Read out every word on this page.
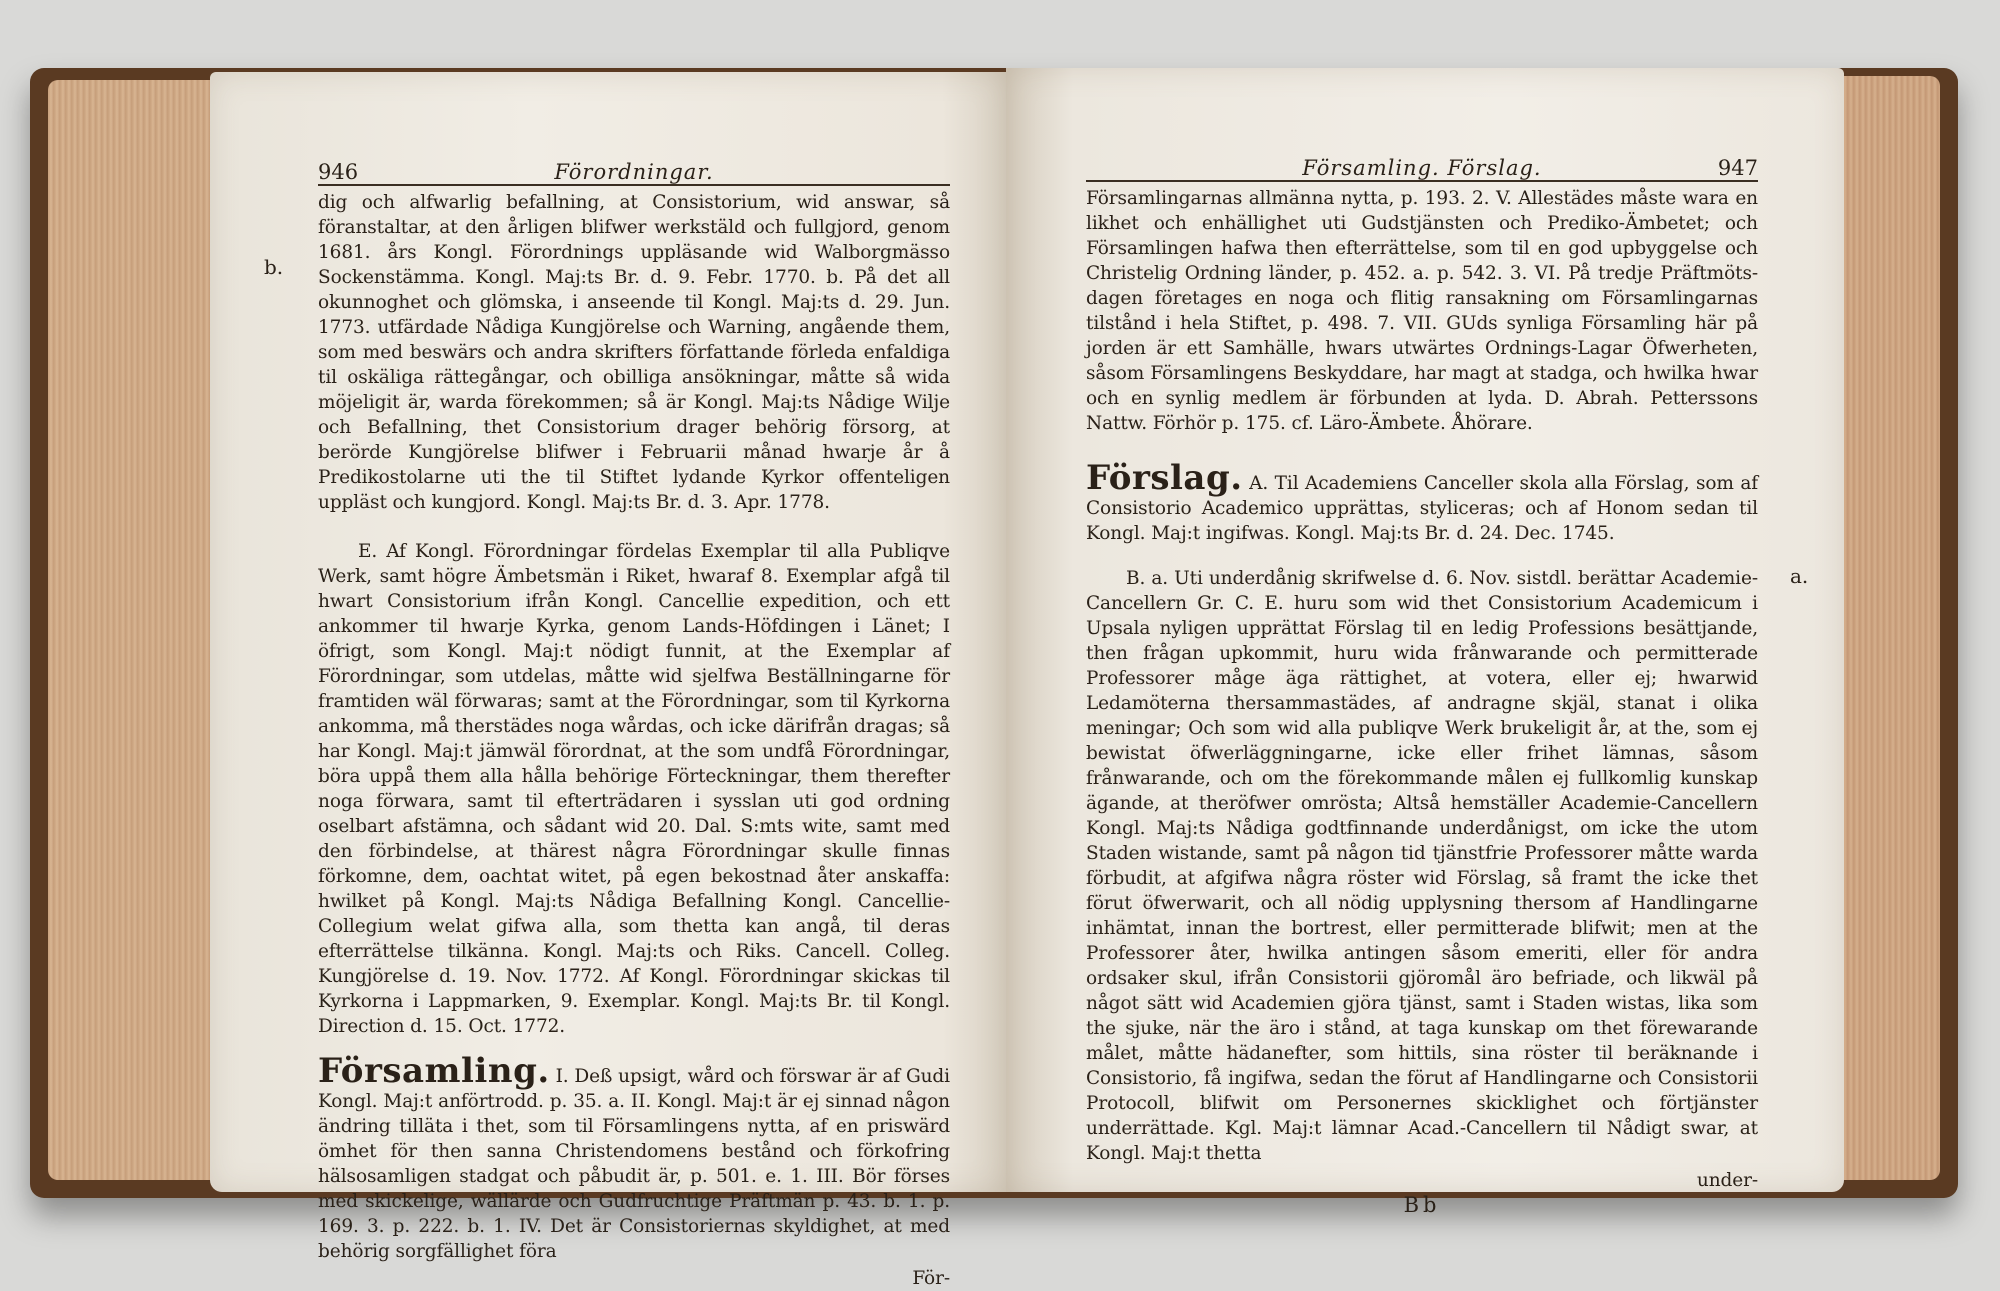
946	Förordningar.
b.

dig och alfwarlig befallning, at Consistorium, wid answar, så föranstaltar, at den årligen blifwer werkstäld och fullgjord, genom 1681. års Kongl. Förordnings uppläsande wid Walborgmässo Sockenstämma. Kongl. Maj:ts Br. d. 9. Febr. 1770. b. På det all okunnoghet och glömska, i anseende til Kongl. Maj:ts d. 29. Jun. 1773. utfärdade Nådiga Kungjörelse och Warning, angående them, som med beswärs och andra skrifters författande förleda enfaldiga til oskäliga rättegångar, och obilliga ansökningar, måtte så wida möjeligit är, warda förekommen; så är Kongl. Maj:ts Nådige Wilje och Befallning, thet Consistorium drager behörig försorg, at berörde Kungjörelse blifwer i Februarii månad hwarje år å Predikostolarne uti the til Stiftet lydande Kyrkor offenteligen uppläst och kungjord. Kongl. Maj:ts Br. d. 3. Apr. 1778.

E. Af Kongl. Förordningar fördelas Exemplar til alla Publiqve Werk, samt högre Ämbetsmän i Riket, hwaraf 8. Exemplar afgå til hwart Consistorium ifrån Kongl. Cancellie expedition, och ett ankommer til hwarje Kyrka, genom Lands-Höfdingen i Länet; I öfrigt, som Kongl. Maj:t nödigt funnit, at the Exemplar af Förordningar, som utdelas, måtte wid sjelfwa Beställningarne för framtiden wäl förwaras; samt at the Förordningar, som til Kyrkorna ankomma, må therstädes noga wårdas, och icke därifrån dragas; så har Kongl. Maj:t jämwäl förordnat, at the som undfå Förordningar, böra uppå them alla hålla behörige Förteckningar, them therefter noga förwara, samt til efterträdaren i sysslan uti god ordning oselbart afstämna, och sådant wid 20. Dal. S:mts wite, samt med den förbindelse, at thärest några Förordningar skulle finnas förkomne, dem, oachtat witet, på egen bekostnad åter anskaffa: hwilket på Kongl. Maj:ts Nådiga Befallning Kongl. Cancellie-Collegium welat gifwa alla, som thetta kan angå, til deras efterrättelse tilkänna. Kongl. Maj:ts och Riks. Cancell. Colleg. Kungjörelse d. 19. Nov. 1772. Af Kongl. Förordningar skickas til Kyrkorna i Lappmarken, 9. Exemplar. Kongl. Maj:ts Br. til Kongl. Direction d. 15. Oct. 1772.

Församling. I. Deß upsigt, wård och förswar är af Gudi Kongl. Maj:t anförtrodd. p. 35. a. II. Kongl. Maj:t är ej sinnad någon ändring tilläta i thet, som til Församlingens nytta, af en priswärd ömhet för then sanna Christendomens bestånd och förkofring hälsosamligen stadgat och påbudit är, p. 501. e. 1. III. Bör förses med skickelige, wällärde och Gudfruchtige Präftmän p. 43. b. 1. p. 169. 3. p. 222. b. 1. IV. Det är Consistoriernas skyldighet, at med behörig sorgfällighet föra

För-

Församling. Förslag.	947
a.

Församlingarnas allmänna nytta, p. 193. 2. V. Allestädes måste wara en likhet och enhällighet uti Gudstjänsten och Prediko-Ämbetet; och Församlingen hafwa then efterrättelse, som til en god upbyggelse och Christelig Ordning länder, p. 452. a. p. 542. 3. VI. På tredje Präftmöts-dagen företages en noga och flitig ransakning om Församlingarnas tilstånd i hela Stiftet, p. 498. 7. VII. GUds synliga Församling här på jorden är ett Samhälle, hwars utwärtes Ordnings-Lagar Öfwerheten, såsom Församlingens Beskyddare, har magt at stadga, och hwilka hwar och en synlig medlem är förbunden at lyda. D. Abrah. Petterssons Nattw. Förhör p. 175. cf. Läro-Ämbete. Åhörare.

Förslag. A. Til Academiens Canceller skola alla Förslag, som af Consistorio Academico upprättas, styliceras; och af Honom sedan til Kongl. Maj:t ingifwas. Kongl. Maj:ts Br. d. 24. Dec. 1745.

B. a. Uti underdånig skrifwelse d. 6. Nov. sistdl. berättar Academie-Cancellern Gr. C. E. huru som wid thet Consistorium Academicum i Upsala nyligen upprättat Förslag til en ledig Professions besättjande, then frågan upkommit, huru wida frånwarande och permitterade Professorer måge äga rättighet, at votera, eller ej; hwarwid Ledamöterna thersammastädes, af andragne skjäl, stanat i olika meningar; Och som wid alla publiqve Werk brukeligit år, at the, som ej bewistat öfwerläggningarne, icke eller frihet lämnas, såsom frånwarande, och om the förekommande målen ej fullkomlig kunskap ägande, at theröfwer omrösta; Altså hemställer Academie-Cancellern Kongl. Maj:ts Nådiga godtfinnande underdånigst, om icke the utom Staden wistande, samt på någon tid tjänstfrie Professorer måtte warda förbudit, at afgifwa några röster wid Förslag, så framt the icke thet förut öfwerwarit, och all nödig upplysning thersom af Handlingarne inhämtat, innan the bortrest, eller permitterade blifwit; men at the Professorer åter, hwilka antingen såsom emeriti, eller för andra ordsaker skul, ifrån Consistorii gjöromål äro befriade, och likwäl på något sätt wid Academien gjöra tjänst, samt i Staden wistas, lika som the sjuke, när the äro i stånd, at taga kunskap om thet förewarande målet, måtte hädanefter, som hittils, sina röster til beräknande i Consistorio, få ingifwa, sedan the förut af Handlingarne och Consistorii Protocoll, blifwit om Personernes skicklighet och förtjänster underrättade. Kgl. Maj:t lämnar Acad.-Cancellern til Nådigt swar, at Kongl. Maj:t thetta

under-

Bb
